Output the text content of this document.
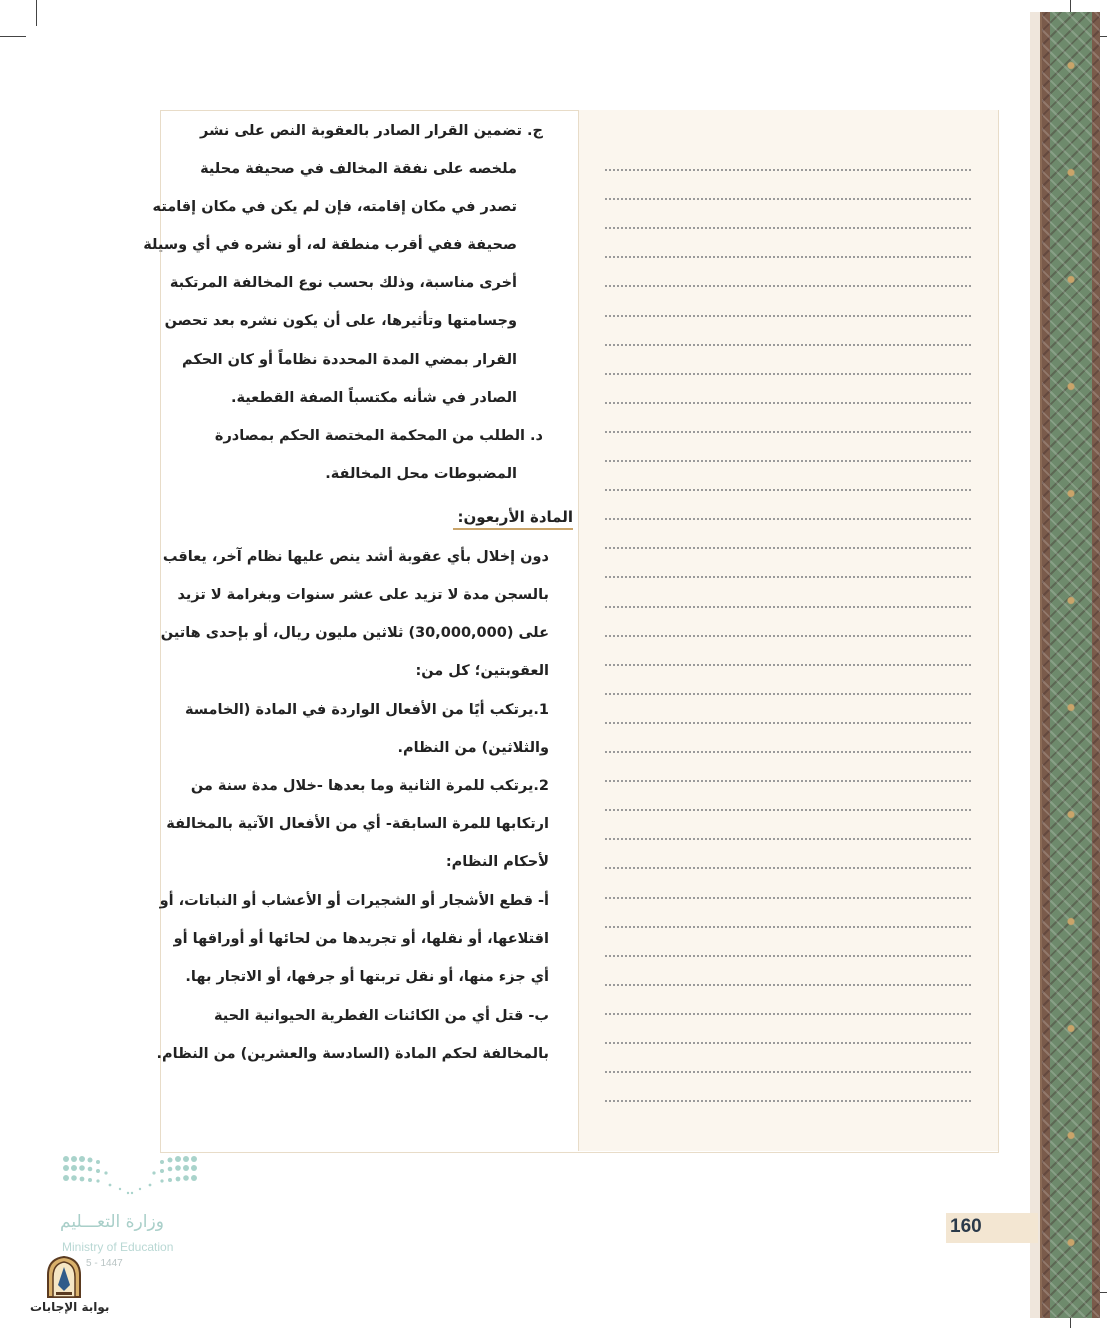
ج. تضمين القرار الصادر بالعقوبة النص على نشر
ملخصه على نفقة المخالف في صحيفة محلية
تصدر في مكان إقامته، فإن لم يكن في مكان إقامته
صحيفة ففي أقرب منطقة له، أو نشره في أي وسيلة
أخرى مناسبة، وذلك بحسب نوع المخالفة المرتكبة
وجسامتها وتأثيرها، على أن يكون نشره بعد تحصن
القرار بمضي المدة المحددة نظاماً أو كان الحكم
الصادر في شأنه مكتسباً الصفة القطعية.
د. الطلب من المحكمة المختصة الحكم بمصادرة
المضبوطات محل المخالفة.
المادة الأربعون:
دون إخلال بأي عقوبة أشد ينص عليها نظام آخر، يعاقب
بالسجن مدة لا تزيد على عشر سنوات وبغرامة لا تزيد
على (30,000,000) ثلاثين مليون ريال، أو بإحدى هاتين
العقوبتين؛ كل من:
1.يرتكب أيًا من الأفعال الواردة في المادة (الخامسة
والثلاثين) من النظام.
2.يرتكب للمرة الثانية وما بعدها -خلال مدة سنة من
ارتكابها للمرة السابقة- أي من الأفعال الآتية بالمخالفة
لأحكام النظام:
أ- قطع الأشجار أو الشجيرات أو الأعشاب أو النباتات، أو
اقتلاعها، أو نقلها، أو تجريدها من لحائها أو أوراقها أو
أي جزء منها، أو نقل تربتها أو جرفها، أو الاتجار بها.
ب- قتل أي من الكائنات الفطرية الحيوانية الحية
بالمخالفة لحكم المادة (السادسة والعشرين) من النظام.
160
وزارة التعـــليم
Ministry of Education
5 - 1447
بوابة الإجابات
